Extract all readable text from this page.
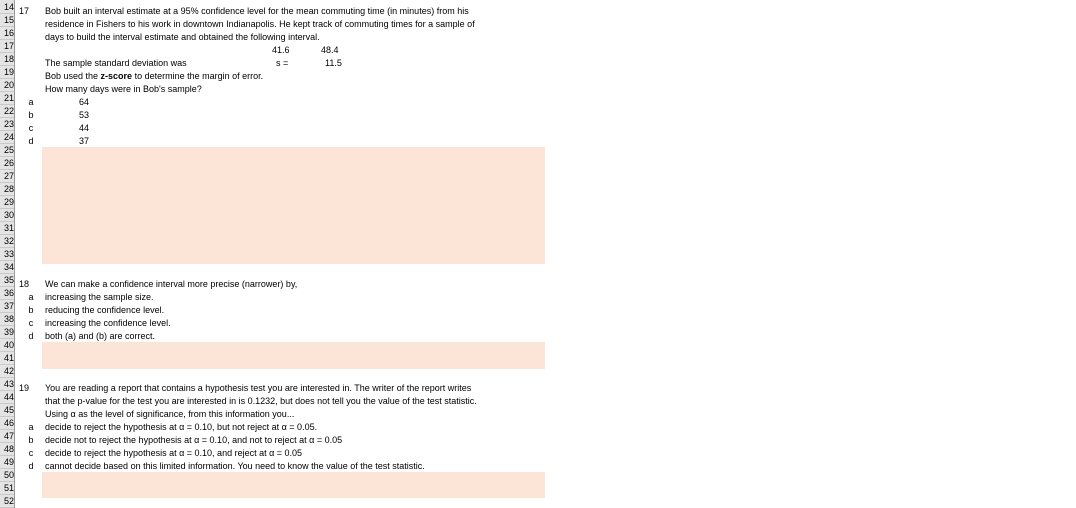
14
15
16
17
18
19
20
21
22
23
24
25
26
27
28
29
30
31
32
33
34
35
36
37
38
39
40
41
42
43
44
45
46
47
48
49
50
51
52
17 Bob built an interval estimate at a 95% confidence level for the mean commuting time (in minutes) from his
residence in Fishers to his work in downtown Indianapolis. He kept track of commuting times for a sample of
days to build the interval estimate and obtained the following interval.
41.6	48.4
The sample standard deviation was	s =	11.5
Bob used the z-score to determine the margin of error.
How many days were in Bob's sample?
a	64
b	53
c	44
d	37
18 We can make a confidence interval more precise (narrower) by,
a increasing the sample size.
b reducing the confidence level.
c	increasing the confidence level.
d both (a) and (b) are correct.
19 You are reading a report that contains a hypothesis test you are interested in. The writer of the report writes
that the p-value for the test you are interested in is 0.1232, but does not tell you the value of the test statistic.
Using α as the level of significance, from this information you...
a decide to reject the hypothesis at α = 0.10, but not reject at α = 0.05.
b decide not to reject the hypothesis at α = 0.10, and not to reject at α = 0.05
c	decide to reject the hypothesis at α = 0.10, and reject at α = 0.05
d cannot decide based on this limited information. You need to know the value of the test statistic.
